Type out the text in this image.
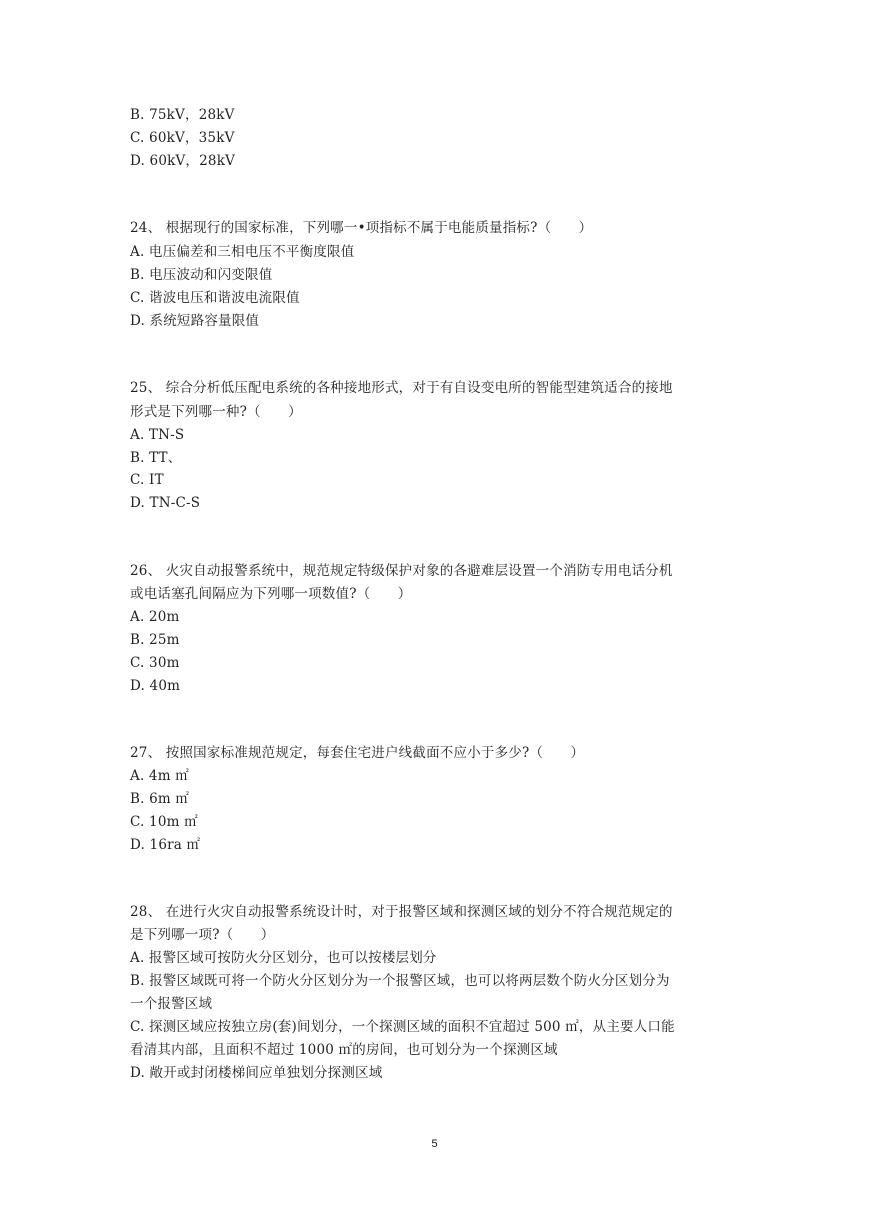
B. 75kV，28kV
C. 60kV，35kV
D. 60kV，28kV
24、 根据现行的国家标准，下列哪一•项指标不属于电能质量指标?（　　）
A. 电压偏差和三相电压不平衡度限值
B. 电压波动和闪变限值
C. 谐波电压和谐波电流限值
D. 系统短路容量限值
25、 综合分析低压配电系统的各种接地形式，对于有自设变电所的智能型建筑适合的接地
形式是下列哪一种?（　　）
A. TN-S
B. TT、
C. IT
D. TN-C-S
26、 火灾自动报警系统中，规范规定特级保护对象的各避难层设置一个消防专用电话分机
或电话塞孔间隔应为下列哪一项数值?（　　）
A. 20m
B. 25m
C. 30m
D. 40m
27、 按照国家标准规范规定，每套住宅进户线截面不应小于多少?（　　）
A. 4m ㎡
B. 6m ㎡
C. 10m ㎡
D. 16ra ㎡
28、 在进行火灾自动报警系统设计时，对于报警区域和探测区域的划分不符合规范规定的
是下列哪一项?（　　）
A. 报警区域可按防火分区划分，也可以按楼层划分
B. 报警区域既可将一个防火分区划分为一个报警区域，也可以将两层数个防火分区划分为
一个报警区域
C. 探测区域应按独立房(套)间划分，一个探测区域的面积不宜超过 500 ㎡，从主要人口能
看清其内部，且面积不超过 1000 ㎡的房间，也可划分为一个探测区域
D. 敞开或封闭楼梯间应单独划分探测区域
5
